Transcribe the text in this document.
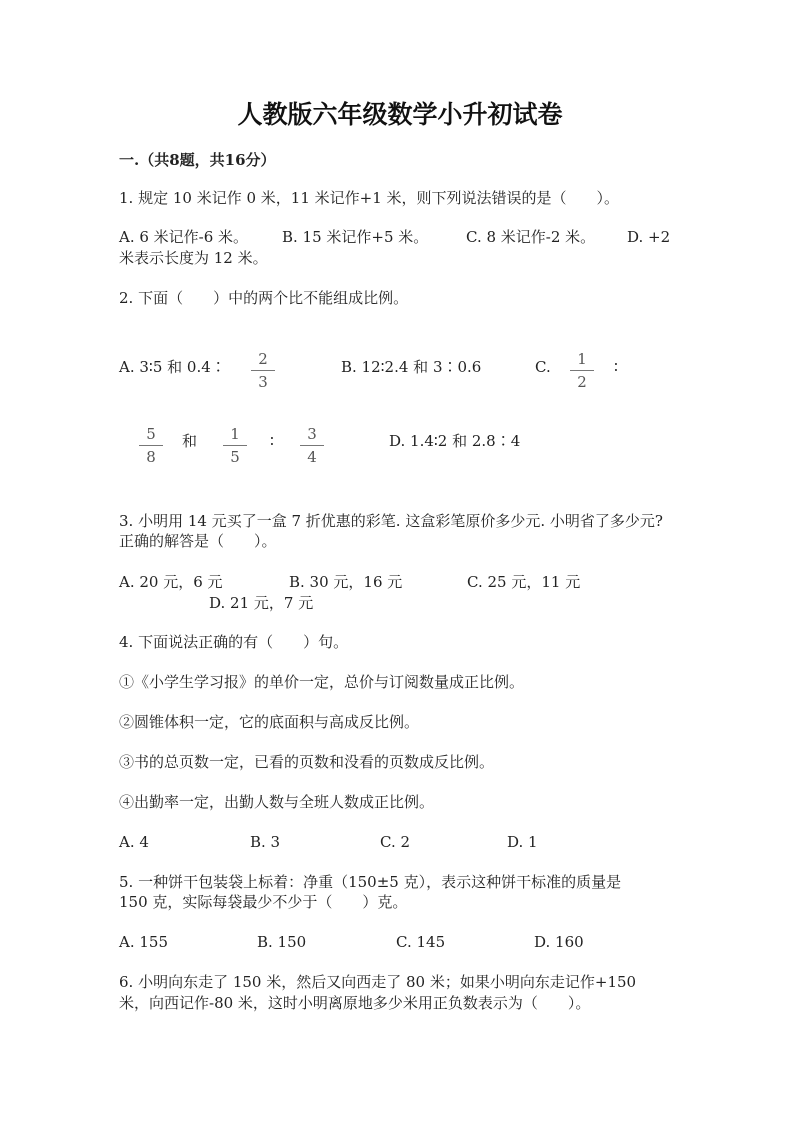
人教版六年级数学小升初试卷
一.（共8题，共16分）
1. 规定 10 米记作 0 米，11 米记作+1 米，则下列说法错误的是（　　）。
A. 6 米记作-6 米。 B. 15 米记作+5 米。	C. 8 米记作-2 米。 D. +2
米表示长度为 12 米。
2. 下面（　　）中的两个比不能组成比例。
A. 3∶5 和 0.4∶	2
3
B. 12∶2.4 和 3∶0.6	C.	1
2
∶
5
8
和	1
5
∶	3
4
D. 1.4∶2 和 2.8∶4
3. 小明用 14 元买了一盒 7 折优惠的彩笔. 这盒彩笔原价多少元. 小明省了多少元?
正确的解答是（　　）。
A. 20 元，6 元	B. 30 元，16 元	C. 25 元，11 元
D. 21 元，7 元
4. 下面说法正确的有（　　）句。
①《小学生学习报》的单价一定，总价与订阅数量成正比例。
②圆锥体积一定，它的底面积与高成反比例。
③书的总页数一定，已看的页数和没看的页数成反比例。
④出勤率一定，出勤人数与全班人数成正比例。
A. 4	B. 3	C. 2	D. 1
5. 一种饼干包装袋上标着：净重（150±5 克），表示这种饼干标准的质量是
150 克，实际每袋最少不少于（　　）克。
A. 155	B. 150	C. 145	D. 160
6. 小明向东走了 150 米，然后又向西走了 80 米；如果小明向东走记作+150
米，向西记作-80 米，这时小明离原地多少米用正负数表示为（　　）。
